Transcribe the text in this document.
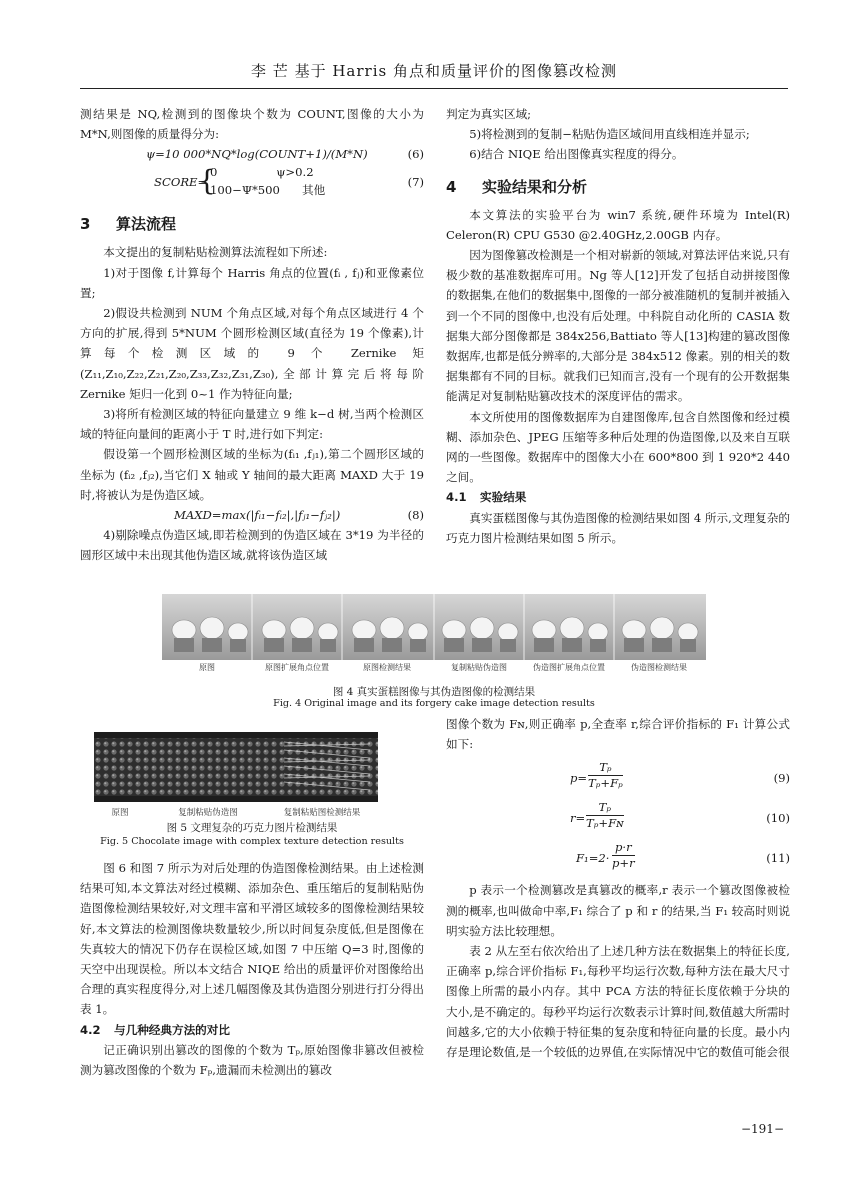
李 芒 基于 Harris 角点和质量评价的图像篡改检测
测结果是 NQ,检测到的图像块个数为 COUNT,图像的大小为 M*N,则图像的质量得分为:
ψ=10 000*NQ*log(COUNT+1)/(M*N)	(6)
SCORE=
{
0                ψ>0.2
100−Ψ*500      其他
(7)
3 算法流程
本文提出的复制粘贴检测算法流程如下所述:
1)对于图像 f,计算每个 Harris 角点的位置(fᵢ , fⱼ)和亚像素位置;
2)假设共检测到 NUM 个角点区域,对每个角点区域进行 4 个方向的扩展,得到 5*NUM 个圆形检测区域(直径为 19 个像素),计算每个检测区域的 9 个 Zernike 矩(Z₁₁,Z₁₀,Z₂₂,Z₂₁,Z₂₀,Z₃₃,Z₃₂,Z₃₁,Z₃₀),全部计算完后将每阶 Zernike 矩归一化到 0~1 作为特征向量;
3)将所有检测区域的特征向量建立 9 维 k−d 树,当两个检测区域的特征向量间的距离小于 T 时,进行如下判定:
假设第一个圆形检测区域的坐标为(fᵢ₁ ,fⱼ₁),第二个圆形区域的坐标为 (fᵢ₂ ,fⱼ₂),当它们 X 轴或 Y 轴间的最大距离 MAXD 大于 19 时,将被认为是伪造区域。
MAXD=max(|fᵢ₁−fᵢ₂|,|fⱼ₁−fⱼ₂|)	(8)
4)剔除噪点伪造区域,即若检测到的伪造区域在 3*19 为半径的圆形区域中未出现其他伪造区域,就将该伪造区域
判定为真实区域;
5)将检测到的复制−粘贴伪造区域间用直线相连并显示;
6)结合 NIQE 给出图像真实程度的得分。
4 实验结果和分析
本文算法的实验平台为 win7 系统,硬件环境为 Intel(R) Celeron(R) CPU G530 @2.40GHz,2.00GB 内存。
因为图像篡改检测是一个相对崭新的领域,对算法评估来说,只有极少数的基准数据库可用。Ng 等人[12]开发了包括自动拼接图像的数据集,在他们的数据集中,图像的一部分被准随机的复制并被插入到一个不同的图像中,也没有后处理。中科院自动化所的 CASIA 数据集大部分图像都是 384x256,Battiato 等人[13]构建的篡改图像数据库,也都是低分辨率的,大部分是 384x512 像素。别的相关的数据集都有不同的目标。就我们已知而言,没有一个现有的公开数据集能满足对复制粘贴篡改技术的深度评估的需求。
本文所使用的图像数据库为自建图像库,包含自然图像和经过模糊、添加杂色、JPEG 压缩等多种后处理的伪造图像,以及来自互联网的一些图像。数据库中的图像大小在 600*800 到 1 920*2 440 之间。
4.1 实验结果
真实蛋糕图像与其伪造图像的检测结果如图 4 所示,文理复杂的巧克力图片检测结果如图 5 所示。
原图	原图扩展角点位置	原图检测结果	复制粘贴伪造图	伪造图扩展角点位置	伪造图检测结果
图 4 真实蛋糕图像与其伪造图像的检测结果
Fig. 4 Original image and its forgery cake image detection results
原图	复制粘贴伪造图	复制粘贴图检测结果
图 5 文理复杂的巧克力图片检测结果
Fig. 5 Chocolate image with complex texture detection results
图 6 和图 7 所示为对后处理的伪造图像检测结果。由上述检测结果可知,本文算法对经过模糊、添加杂色、重压缩后的复制粘贴伪造图像检测结果较好,对文理丰富和平滑区域较多的图像检测结果较好,本文算法的检测图像块数量较少,所以时间复杂度低,但是图像在失真较大的情况下仍存在误检区域,如图 7 中压缩 Q=3 时,图像的天空中出现误检。所以本文结合 NIQE 给出的质量评价对图像给出合理的真实程度得分,对上述几幅图像及其伪造图分别进行打分得出表 1。
4.2 与几种经典方法的对比
记正确识别出篡改的图像的个数为 Tₚ,原始图像非篡改但被检测为篡改图像的个数为 Fₚ,遗漏而未检测出的篡改
图像个数为 Fɴ,则正确率 p,全查率 r,综合评价指标的 F₁ 计算公式如下:
$p= \frac{\text{Tₚ}}{\text{Tₚ+Fₚ}}$	(9)
$r= \frac{\text{Tₚ}}{\text{Tₚ+Fɴ}}$	(10)
$F_1=2\cdot \frac{p\cdot r}{p+r}$	(11)
p 表示一个检测篡改是真篡改的概率,r 表示一个篡改图像被检测的概率,也叫做命中率,F₁ 综合了 p 和 r 的结果,当 F₁ 较高时则说明实验方法比较理想。
表 2 从左至右依次给出了上述几种方法在数据集上的特征长度,正确率 p,综合评价指标 F₁,每秒平均运行次数,每种方法在最大尺寸图像上所需的最小内存。其中 PCA 方法的特征长度依赖于分块的大小,是不确定的。每秒平均运行次数表示计算时间,数值越大所需时间越多,它的大小依赖于特征集的复杂度和特征向量的长度。最小内存是理论数值,是一个较低的边界值,在实际情况中它的数值可能会很
−191−
